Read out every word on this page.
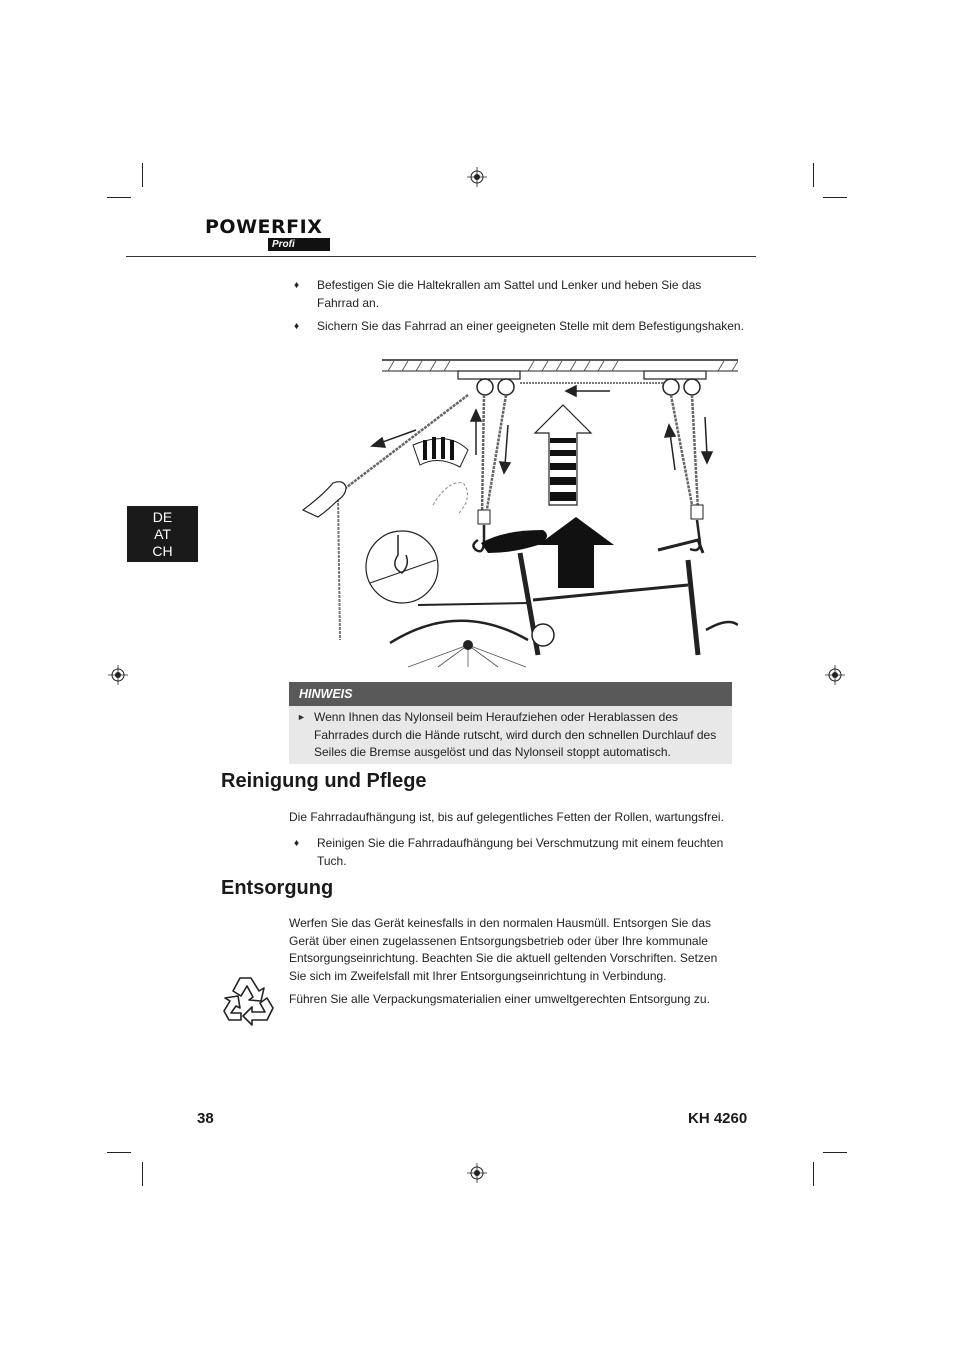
POWERFIX
Profi
DE
AT
CH
♦ Befestigen Sie die Haltekrallen am Sattel und Lenker und heben Sie das Fahrrad an.
♦ Sichern Sie das Fahrrad an einer geeigneten Stelle mit dem Befestigungshaken.
HINWEIS
► Wenn Ihnen das Nylonseil beim Heraufziehen oder Herablassen des Fahrrades durch die Hände rutscht, wird durch den schnellen Durchlauf des Seiles die Bremse ausgelöst und das Nylonseil stoppt automatisch.
Reinigung und Pflege

Die Fahrradaufhängung ist, bis auf gelegentliches Fetten der Rollen, wartungsfrei.

♦ Reinigen Sie die Fahrradaufhängung bei Verschmutzung mit einem feuchten Tuch.
Entsorgung

Werfen Sie das Gerät keinesfalls in den normalen Hausmüll. Entsorgen Sie das Gerät über einen zugelassenen Entsorgungsbetrieb oder über Ihre kommunale Entsorgungseinrichtung. Beachten Sie die aktuell geltenden Vorschriften. Setzen Sie sich im Zweifelsfall mit Ihrer Entsorgungseinrichtung in Verbindung.

Führen Sie alle Verpackungsmaterialien einer umweltgerechten Entsorgung zu.

38	KH 4260
